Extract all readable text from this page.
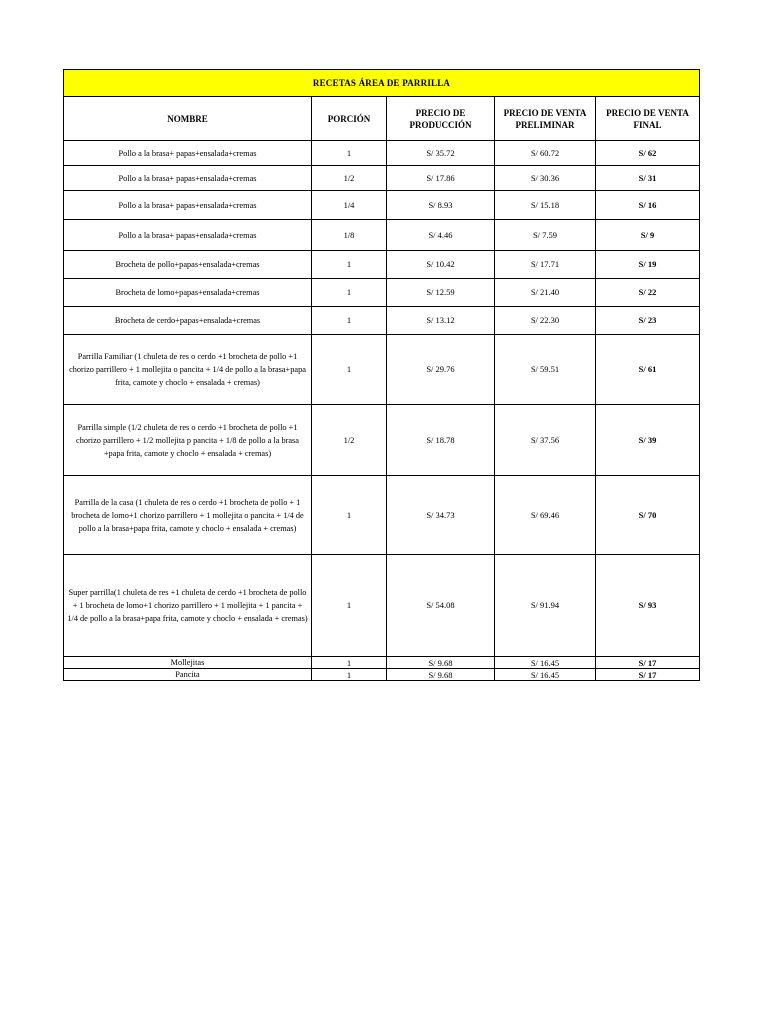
RECETAS ÁREA DE PARRILLA				
NOMBRE	PORCIÓN	PRECIO DE PRODUCCIÓN	PRECIO DE VENTA PRELIMINAR	PRECIO DE VENTA FINAL
Pollo a la brasa+ papas+ensalada+cremas	1	S/ 35.72	S/ 60.72	S/ 62
Pollo a la brasa+ papas+ensalada+cremas	1/2	S/ 17.86	S/ 30.36	S/ 31
Pollo a la brasa+ papas+ensalada+cremas	1/4	S/ 8.93	S/ 15.18	S/ 16
Pollo a la brasa+ papas+ensalada+cremas	1/8	S/ 4.46	S/ 7.59	S/ 9
Brocheta de pollo+papas+ensalada+cremas	1	S/ 10.42	S/ 17.71	S/ 19
Brocheta de lomo+papas+ensalada+cremas	1	S/ 12.59	S/ 21.40	S/ 22
Brocheta de cerdo+papas+ensalada+cremas	1	S/ 13.12	S/ 22.30	S/ 23
Parrilla Familiar (1 chuleta de res o cerdo +1 brocheta de pollo +1 chorizo parrillero + 1 mollejita o pancita + 1/4 de pollo a la brasa+papa frita, camote y choclo + ensalada + cremas)	1	S/ 29.76	S/ 59.51	S/ 61
Parrilla simple (1/2 chuleta de res o cerdo +1 brocheta de pollo +1 chorizo parrillero + 1/2 mollejita p pancita + 1/8 de pollo a la brasa +papa frita, camote y choclo + ensalada + cremas)	1/2	S/ 18.78	S/ 37.56	S/ 39
Parrilla de la casa (1 chuleta de res o cerdo +1 brocheta de pollo + 1 brocheta de lomo+1 chorizo parrillero + 1 mollejita o pancita + 1/4 de pollo a la brasa+papa frita, camote y choclo + ensalada + cremas)	1	S/ 34.73	S/ 69.46	S/ 70
Super parrilla(1 chuleta de res +1 chuleta de cerdo +1 brocheta de pollo + 1 brocheta de lomo+1 chorizo parrillero + 1 mollejita + 1 pancita + 1/4 de pollo a la brasa+papa frita, camote y choclo + ensalada + cremas)	1	S/ 54.08	S/ 91.94	S/ 93
Mollejitas	1	S/ 9.68	S/ 16.45	S/ 17
Pancita	1	S/ 9.68	S/ 16.45	S/ 17
